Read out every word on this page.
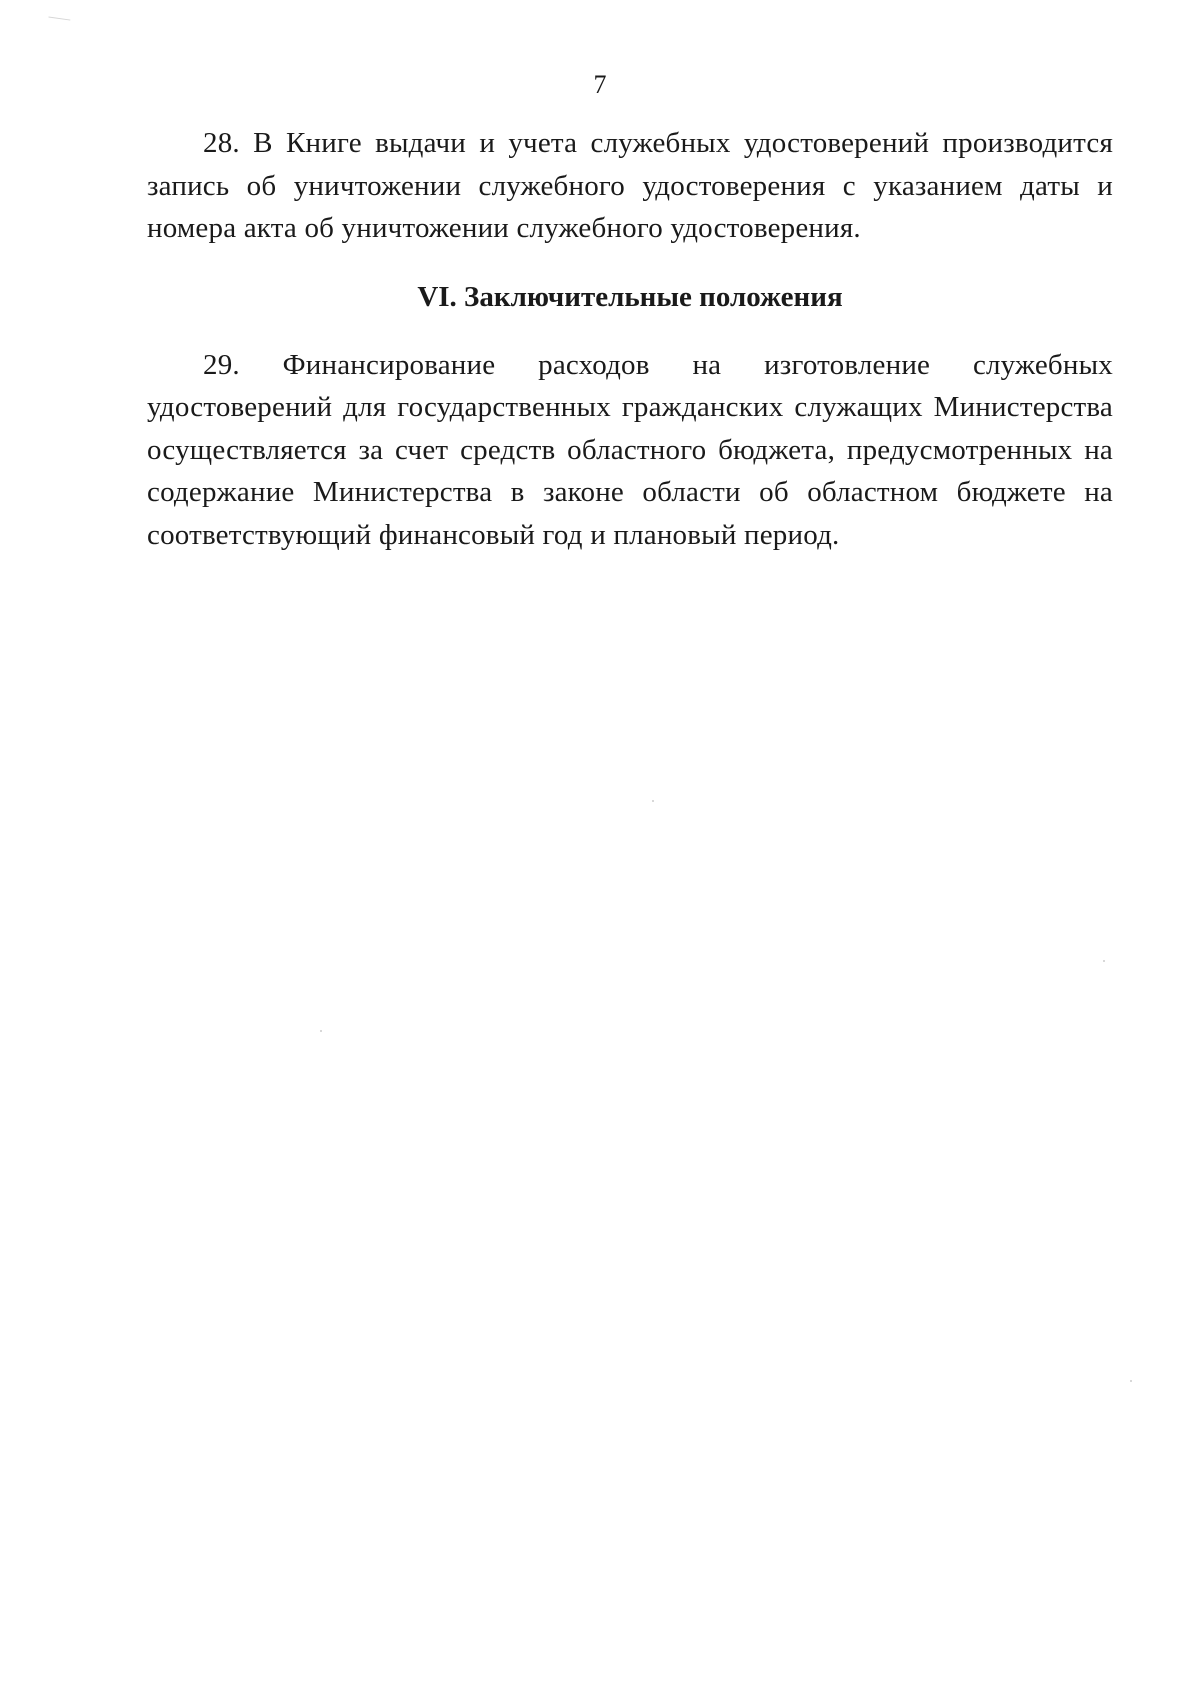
7

28. В Книге выдачи и учета служебных удостоверений производится запись об уничтожении служебного удостоверения с указанием даты и номера акта об уничтожении служебного удостоверения.

VI. Заключительные положения

29. Финансирование расходов на изготовление служебных удостоверений для государственных гражданских служащих Министерства осуществляется за счет средств областного бюджета, предусмотренных на содержание Министерства в законе области об областном бюджете на соответствующий финансовый год и плановый период.
